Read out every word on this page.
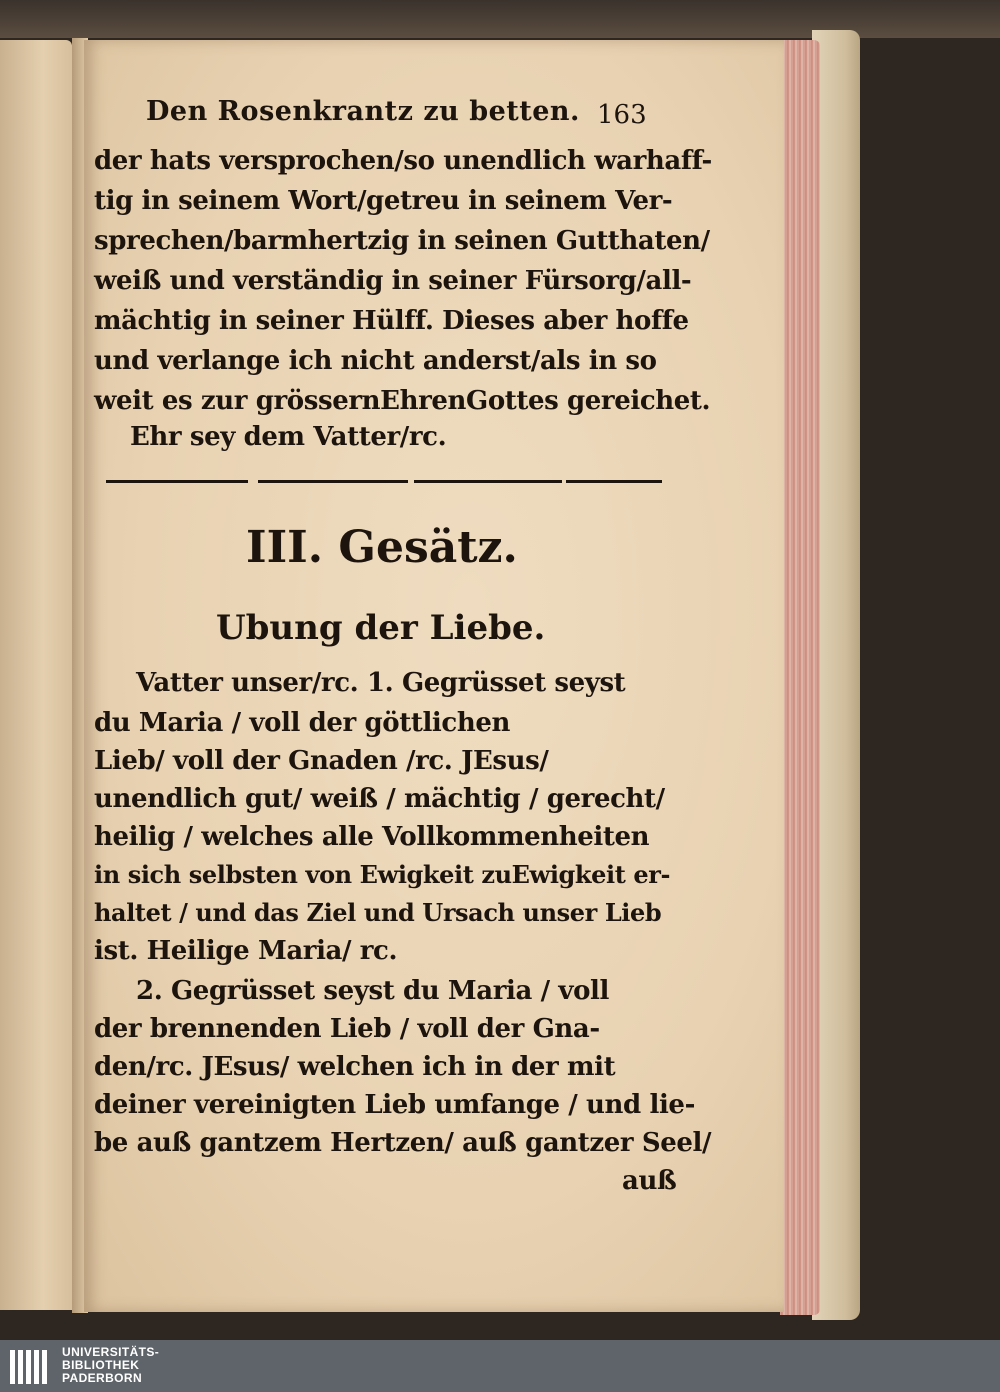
Den Rosenkrantz zu betten. 163
der hats versprochen/so unendlich warhaff-
tig in seinem Wort/getreu in seinem Ver-
sprechen/barmhertzig in seinen Gutthaten/
weiß und verständig in seiner Fürsorg/all-
mächtig in seiner Hülff. Dieses aber hoffe
und verlange ich nicht anderst/als in so
weit es zur grössernEhrenGottes gereichet.
Ehr sey dem Vatter/rc.
III. Gesätz.
Ubung der Liebe.
Vatter unser/rc. 1. Gegrüsset seyst
du Maria / voll der göttlichen
Lieb/ voll der Gnaden /rc. JEsus/
unendlich gut/ weiß / mächtig / gerecht/
heilig / welches alle Vollkommenheiten
in sich selbsten von Ewigkeit zuEwigkeit er-
haltet / und das Ziel und Ursach unser Lieb
ist. Heilige Maria/ rc.
2. Gegrüsset seyst du Maria / voll
der brennenden Lieb / voll der Gna-
den/rc. JEsus/ welchen ich in der mit
deiner vereinigten Lieb umfange / und lie-
be auß gantzem Hertzen/ auß gantzer Seel/
auß
UNIVERSITÄTS-
BIBLIOTHEK
PADERBORN
